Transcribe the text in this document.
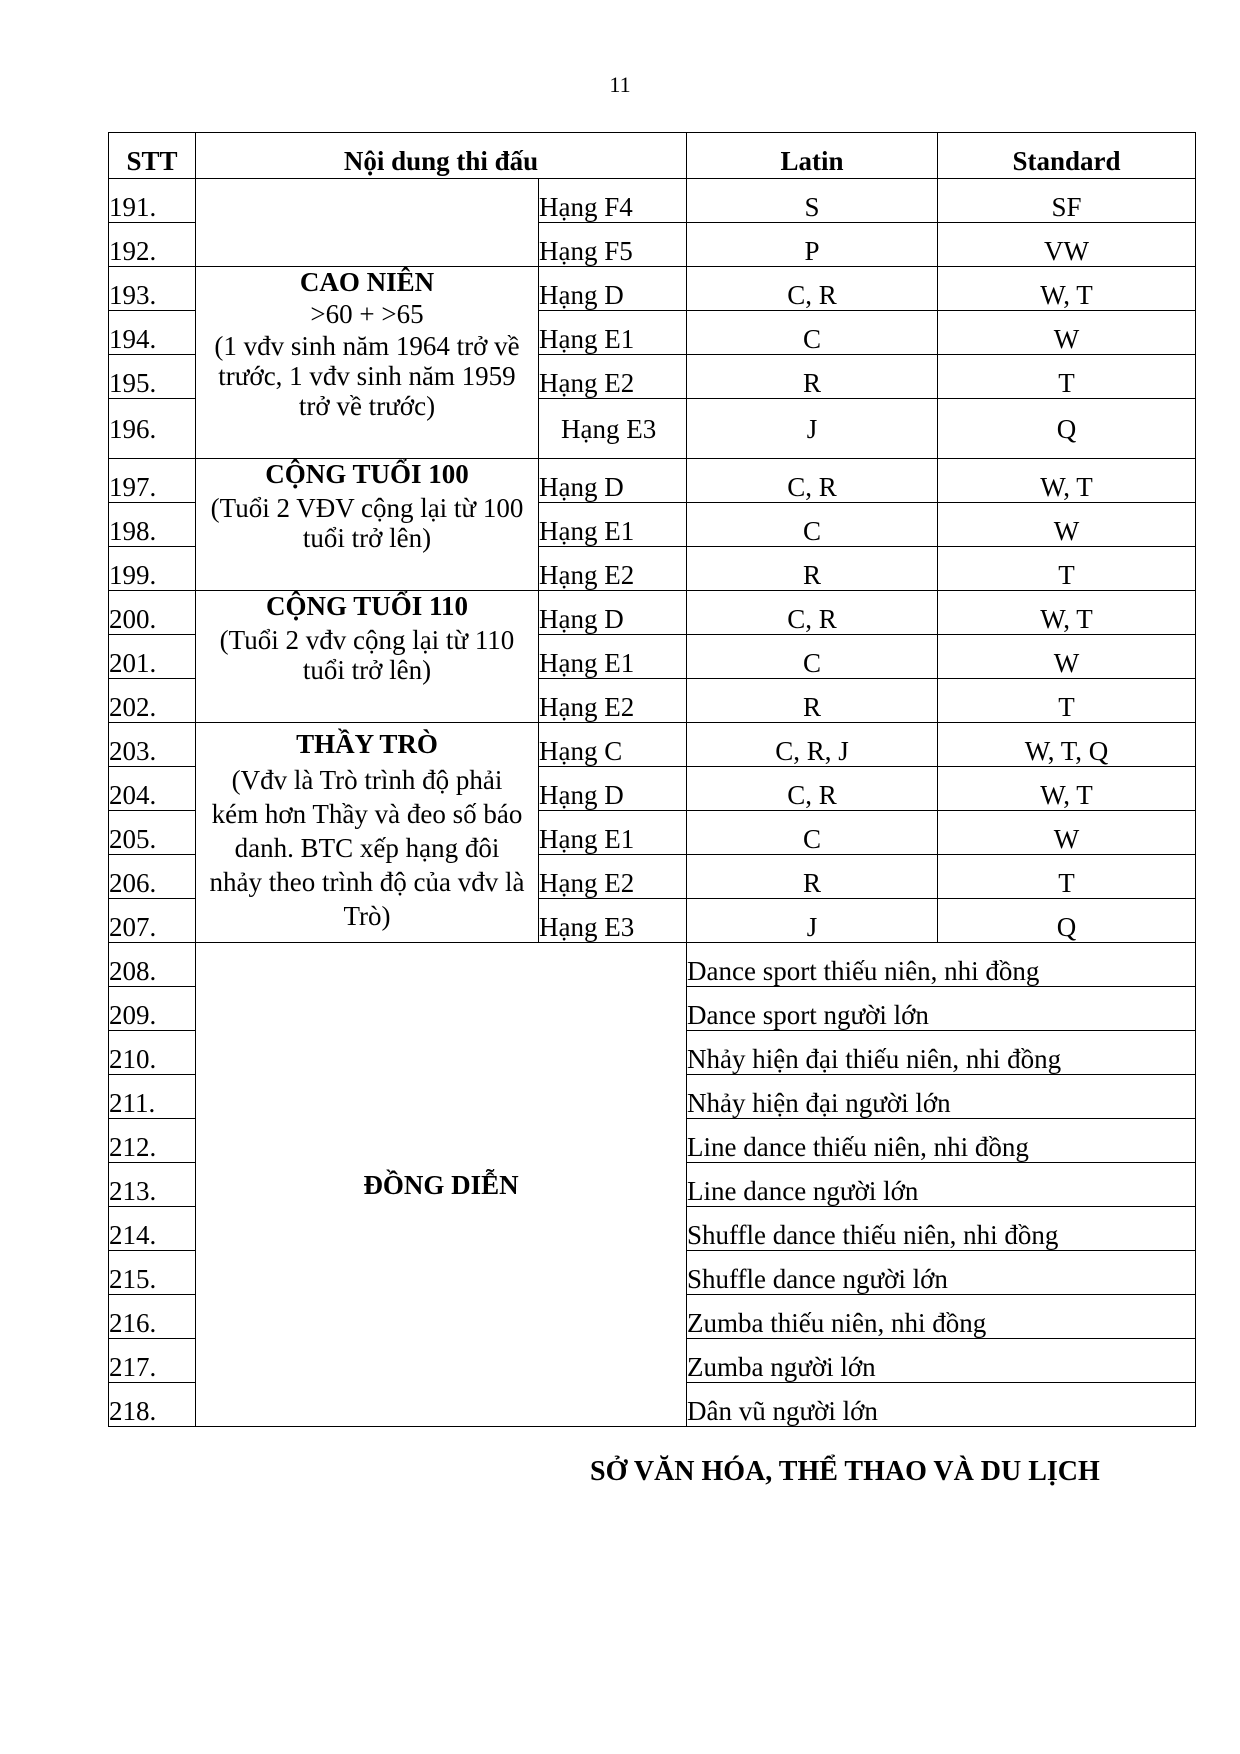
11
STT	Nội dung thi đấu		Latin	Standard
191.		Hạng F4	S	SF
192.		Hạng F5	P	VW
193.	CAO NIÊN
>60 + >65
(1 vđv sinh năm 1964 trở về trước, 1 vđv sinh năm 1959 trở về trước)	Hạng D	C, R	W, T
194.		Hạng E1	C	W
195.		Hạng E2	R	T
196.		Hạng E3	J	Q
197.	CỘNG TUỔI 100
(Tuổi 2 VĐV cộng lại từ 100 tuổi trở lên)	Hạng D	C, R	W, T
198.		Hạng E1	C	W
199.		Hạng E2	R	T
200.	CỘNG TUỔI 110
(Tuổi 2 vđv cộng lại từ 110 tuổi trở lên)	Hạng D	C, R	W, T
201.		Hạng E1	C	W
202.		Hạng E2	R	T
203.	THẦY TRÒ
(Vđv là Trò trình độ phải kém hơn Thầy và đeo số báo danh. BTC xếp hạng đôi nhảy theo trình độ của vđv là Trò)	Hạng C	C, R, J	W, T, Q
204.		Hạng D	C, R	W, T
205.		Hạng E1	C	W
206.		Hạng E2	R	T
207.		Hạng E3	J	Q
208.	ĐỒNG DIỄN		Dance sport thiếu niên, nhi đồng	
209.			Dance sport người lớn	
210.			Nhảy hiện đại thiếu niên, nhi đồng	
211.			Nhảy hiện đại người lớn	
212.			Line dance thiếu niên, nhi đồng	
213.			Line dance người lớn	
214.			Shuffle dance thiếu niên, nhi đồng	
215.			Shuffle dance người lớn	
216.			Zumba thiếu niên, nhi đồng	
217.			Zumba người lớn	
218.			Dân vũ người lớn	
SỞ VĂN HÓA, THỂ THAO VÀ DU LỊCH
